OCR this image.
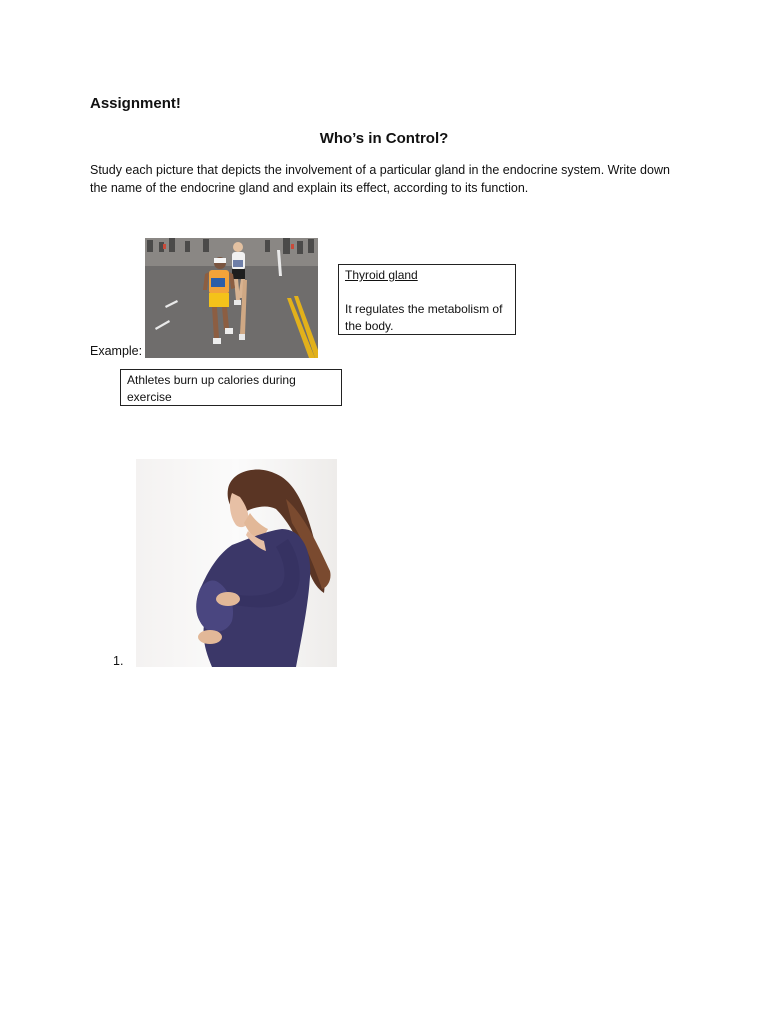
Assignment!
Who’s in Control?

Study each picture that depicts the involvement of a particular gland in the endocrine system. Write down the name of the endocrine gland and explain its effect, according to its function.

Thyroid gland
It regulates the metabolism of the body.
Example:
Athletes burn up calories during exercise
1.
